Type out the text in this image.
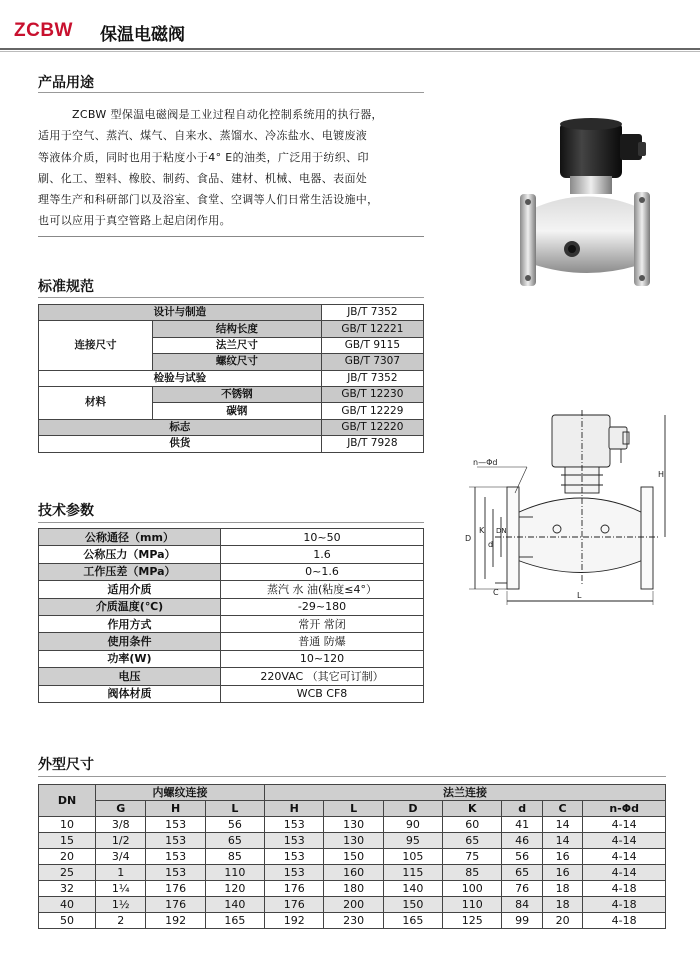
ZCBW 保温电磁阀
产品用途
ZCBW 型保温电磁阀是工业过程自动化控制系统用的执行器，
适用于空气、蒸汽、煤气、自来水、蒸馏水、冷冻盐水、电镀废液
等液体介质，同时也用于粘度小于4° E的油类，广泛用于纺织、印
刷、化工、塑料、橡胶、制药、食品、建材、机械、电器、表面处
理等生产和科研部门以及浴室、食堂、空调等人们日常生活设施中，
也可以应用于真空管路上起启闭作用。
标准规范
设计与制造		JB/T 7352
连接尺寸	结构长度	GB/T 12221
	法兰尺寸	GB/T 9115
	螺纹尺寸	GB/T 7307
检验与试验		JB/T 7352
材料	不锈钢	GB/T 12230
	碳钢	GB/T 12229
标志		GB/T 12220
供货		JB/T 7928
技术参数
公称通径（mm）	10~50
公称压力（MPa）	1.6
工作压差（MPa）	0~1.6
适用介质	蒸汽 水 油(粘度≤4°）
介质温度(℃)	-29~180
作用方式	常开 常闭
使用条件	普通 防爆
功率(W)	10~120
电压	220VAC （其它可订制）
阀体材质	WCB CF8
n—Φd
H
D
K
d
DN
C	L
外型尺寸
DN	内螺纹连接			法兰连接						
	G	H	L	H	L	D	K	d	C	n-Φd
10	3/8	153	56	153	130	90	60	41	14	4-14
15	1/2	153	65	153	130	95	65	46	14	4-14
20	3/4	153	85	153	150	105	75	56	16	4-14
25	1	153	110	153	160	115	85	65	16	4-14
32	1¼	176	120	176	180	140	100	76	18	4-18
40	1½	176	140	176	200	150	110	84	18	4-18
50	2	192	165	192	230	165	125	99	20	4-18
